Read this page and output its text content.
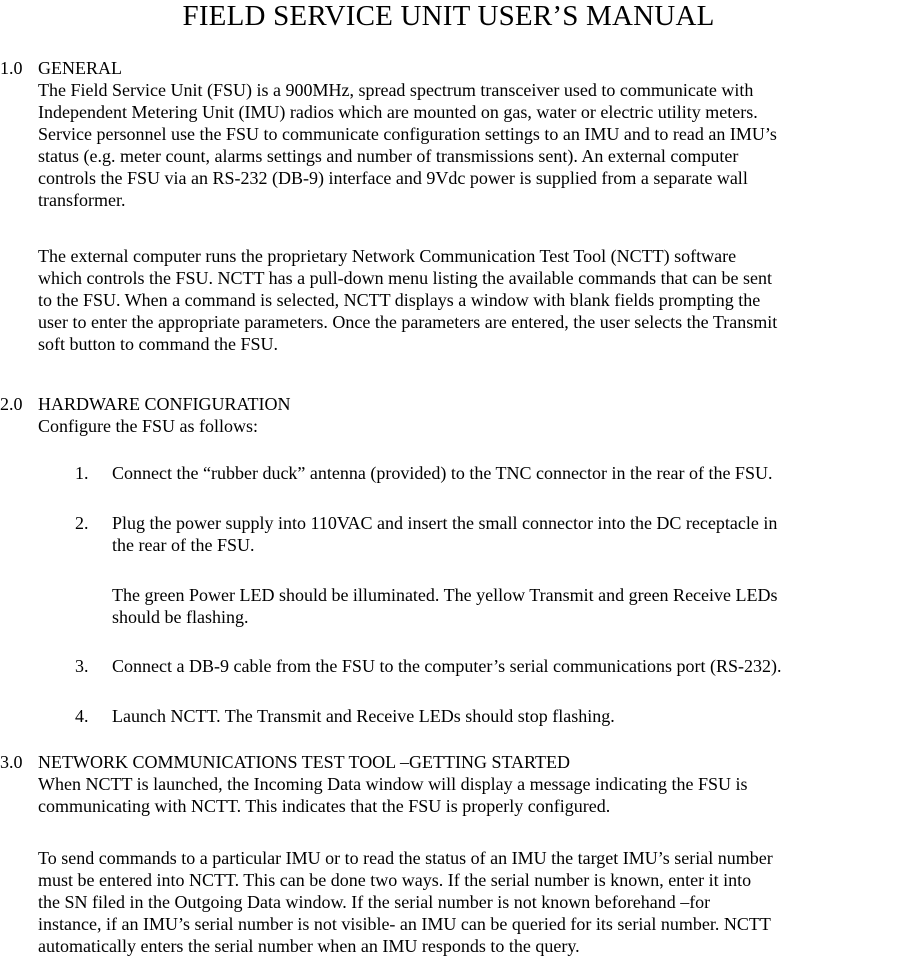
FIELD SERVICE UNIT USER’S MANUAL
1.0 GENERAL
The Field Service Unit (FSU) is a 900MHz, spread spectrum transceiver used to communicate with
Independent Metering Unit (IMU) radios which are mounted on gas, water or electric utility meters.
Service personnel use the FSU to communicate configuration settings to an IMU and to read an IMU’s
status (e.g. meter count, alarms settings and number of transmissions sent). An external computer
controls the FSU via an RS-232 (DB-9) interface and 9Vdc power is supplied from a separate wall
transformer.
The external computer runs the proprietary Network Communication Test Tool (NCTT) software
which controls the FSU. NCTT has a pull-down menu listing the available commands that can be sent
to the FSU. When a command is selected, NCTT displays a window with blank fields prompting the
user to enter the appropriate parameters. Once the parameters are entered, the user selects the Transmit
soft button to command the FSU.
2.0 HARDWARE CONFIGURATION
Configure the FSU as follows:
1. Connect the “rubber duck” antenna (provided) to the TNC connector in the rear of the FSU.
2. Plug the power supply into 110VAC and insert the small connector into the DC receptacle in
the rear of the FSU.
The green Power LED should be illuminated. The yellow Transmit and green Receive LEDs
should be flashing.
3. Connect a DB-9 cable from the FSU to the computer’s serial communications port (RS-232).
4. Launch NCTT. The Transmit and Receive LEDs should stop flashing.
3.0 NETWORK COMMUNICATIONS TEST TOOL –GETTING STARTED
When NCTT is launched, the Incoming Data window will display a message indicating the FSU is
communicating with NCTT. This indicates that the FSU is properly configured.
To send commands to a particular IMU or to read the status of an IMU the target IMU’s serial number
must be entered into NCTT. This can be done two ways. If the serial number is known, enter it into
the SN filed in the Outgoing Data window. If the serial number is not known beforehand –for
instance, if an IMU’s serial number is not visible- an IMU can be queried for its serial number. NCTT
automatically enters the serial number when an IMU responds to the query.
